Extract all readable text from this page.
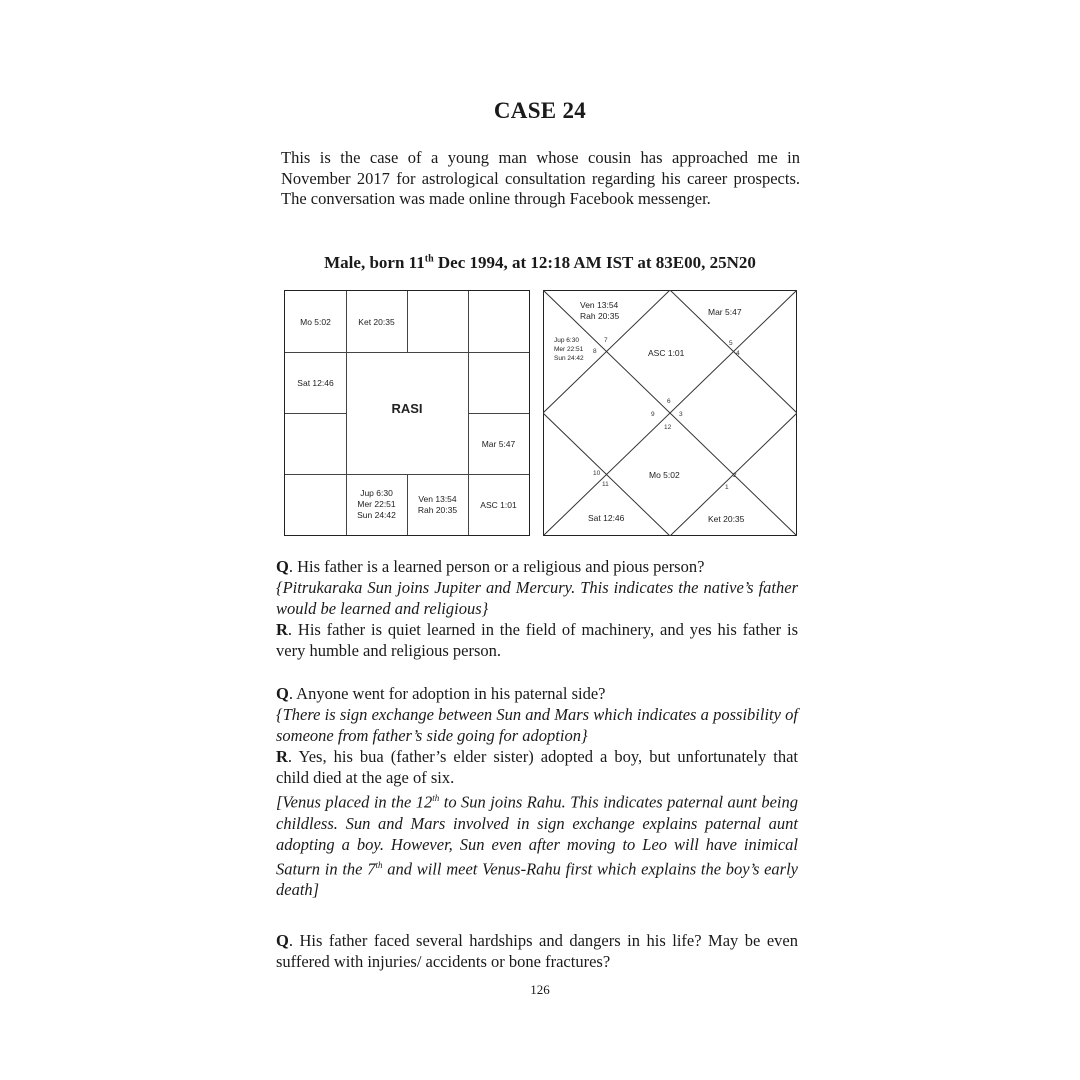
CASE 24
This is the case of a young man whose cousin has approached me in November 2017 for astrological consultation regarding his career prospects. The conversation was made online through Facebook messenger.
Male, born 11th Dec 1994, at 12:18 AM IST at 83E00, 25N20
Mo 5:02	Ket 20:35
Sat 12:46
RASI
Mar 5:47
Jup 6:30
Mer 22:51
Sun 24:42
Ven 13:54
Rah 20:35	ASC 1:01
Ven 13:54
Rah 20:35	Mar 5:47
Jup 6:30
Mer 22:51
Sun 24:42
ASC 1:01
Mo 5:02
Sat 12:46	Ket 20:35
6
3
9
12
7
8
5
4
10
11
2
1
Q. His father is a learned person or a religious and pious person?
{Pitrukaraka Sun joins Jupiter and Mercury. This indicates the native’s father would be learned and religious}
R. His father is quiet learned in the field of machinery, and yes his father is very humble and religious person.
Q. Anyone went for adoption in his paternal side?
{There is sign exchange between Sun and Mars which indicates a possibility of someone from father’s side going for adoption}
R. Yes, his bua (father’s elder sister) adopted a boy, but unfortunately that child died at the age of six.
[Venus placed in the 12th to Sun joins Rahu. This indicates paternal aunt being childless. Sun and Mars involved in sign exchange explains paternal aunt adopting a boy. However, Sun even after moving to Leo will have inimical Saturn in the 7th and will meet Venus-Rahu first which explains the boy’s early death]
Q. His father faced several hardships and dangers in his life? May be even suffered with injuries/ accidents or bone fractures?
126
